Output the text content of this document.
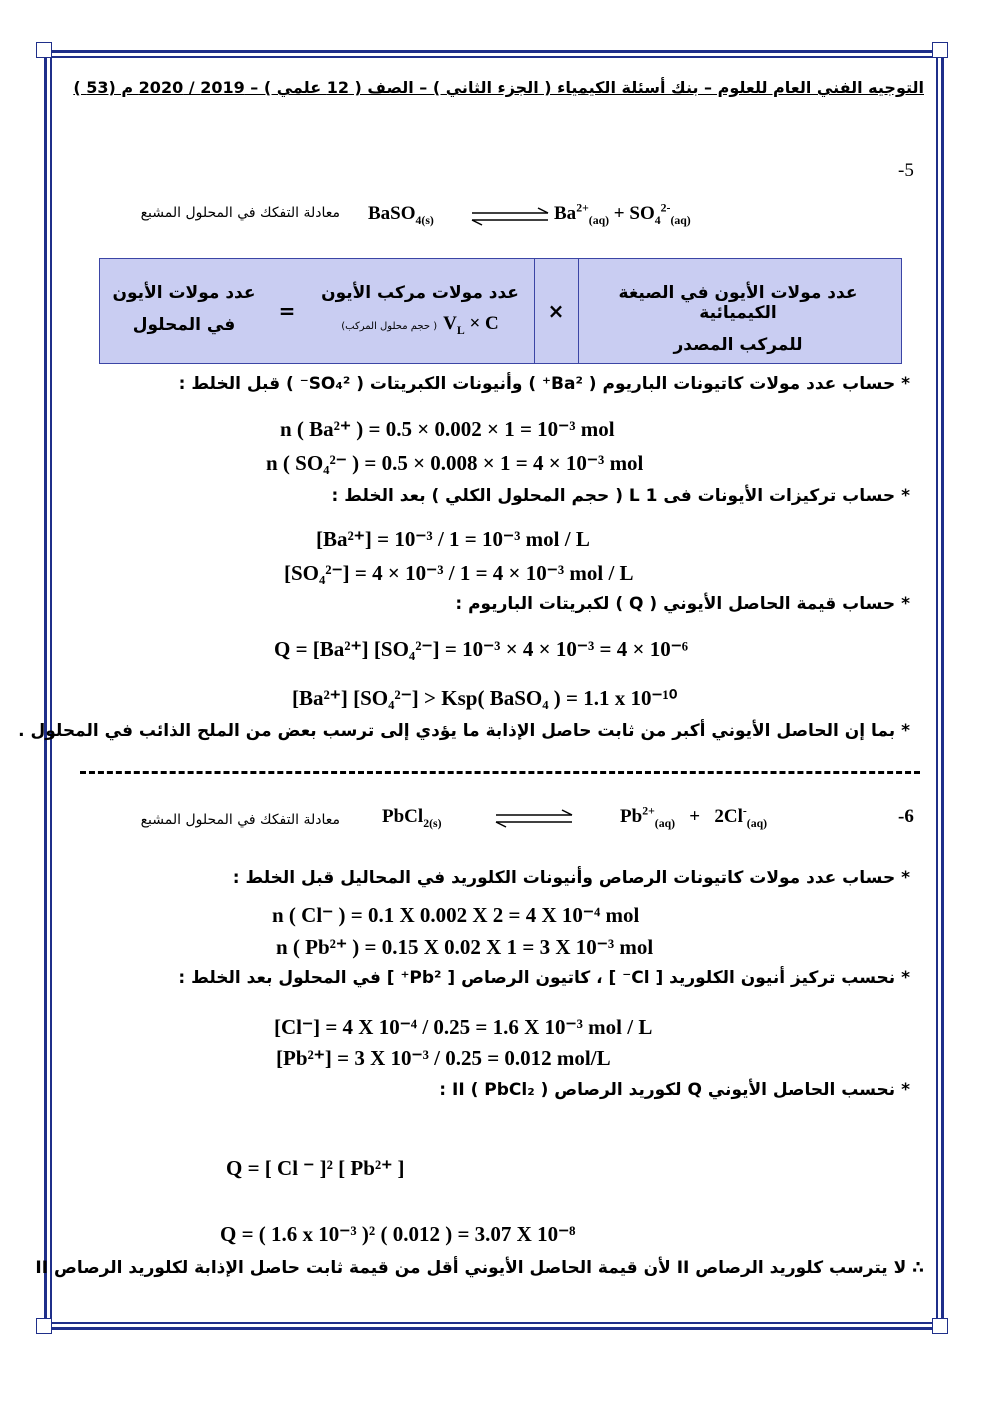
التوجيه الفني العام للعلوم – بنك أسئلة الكيمياء ( الجزء الثاني ) – الصف ( 12 علمي ) – 2019 / 2020 م (53 )
5-
معادلة التفكك في المحلول المشبع BaSO$_{4(s)}$	$Ba^{2+}_{(aq)} + SO_4^{2-}_{(aq)}$
عدد مولات الأيون في الصيغة الكيميائية
للمركب المصدر
×
عدد مولات مركب الأيون
(حجم محلول المركب ) $V_L \times C$
=
عدد مولات الأيون
في المحلول
* حساب عدد مولات كاتيونات الباريوم ( Ba²⁺ ) وأنيونات الكبريتات ( SO₄²⁻ ) قبل الخلط :
n ( Ba²⁺ ) = 0.5 × 0.002 × 1 = 10⁻³ mol
n ( SO₄²⁻ ) = 0.5 × 0.008 × 1 = 4 × 10⁻³ mol
* حساب تركيزات الأيونات فى 1 L ( حجم المحلول الكلي ) بعد الخلط :
[Ba²⁺] = 10⁻³ / 1 = 10⁻³ mol / L
[SO₄²⁻] = 4 × 10⁻³ / 1 = 4 × 10⁻³ mol / L
* حساب قيمة الحاصل الأيوني ( Q ) لكبريتات الباريوم :
Q = [Ba²⁺] [SO₄²⁻] = 10⁻³ × 4 × 10⁻³ = 4 × 10⁻⁶
[Ba²⁺] [SO₄²⁻] > Ksp( BaSO₄ ) = 1.1 x 10⁻¹⁰
* بما إن الحاصل الأيوني أكبر من ثابت حاصل الإذابة ما يؤدي إلى ترسب بعض من الملح الذائب في المحلول .
6-
معادلة التفكك في المحلول المشبع PbCl$_{2(s)}$	$Pb^{2+}_{(aq)} + 2Cl^-_{(aq)}$
* حساب عدد مولات كاتيونات الرصاص وأنيونات الكلوريد في المحاليل قبل الخلط :
n ( Cl⁻ ) = 0.1 X 0.002 X 2 = 4 X 10⁻⁴ mol
n ( Pb²⁺ ) = 0.15 X 0.02 X 1 = 3 X 10⁻³ mol
* نحسب تركيز أنيون الكلوريد [ Cl⁻ ] ، كاتيون الرصاص [ Pb²⁺ ] في المحلول بعد الخلط :
[Cl⁻] = 4 X 10⁻⁴ / 0.25 = 1.6 X 10⁻³ mol / L
[Pb²⁺] = 3 X 10⁻³ / 0.25 = 0.012 mol/L
* نحسب الحاصل الأيوني Q لكوريد الرصاص II ( PbCl₂ ) :
Q = [ Cl ⁻ ]² [ Pb²⁺ ]
Q = ( 1.6 x 10⁻³ )² ( 0.012 ) = 3.07 X 10⁻⁸
∴ لا يترسب كلوريد الرصاص II لأن قيمة الحاصل الأيوني أقل من قيمة ثابت حاصل الإذابة لكلوريد الرصاص II
